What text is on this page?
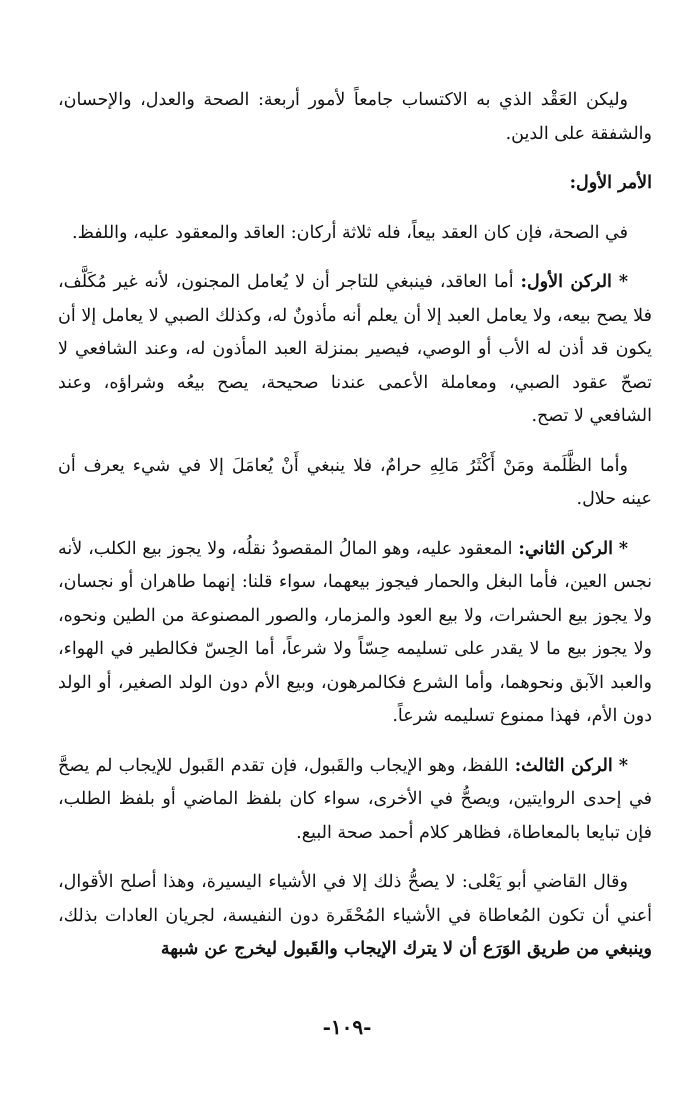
وليكن العَقْد الذي به الاكتساب جامعاً لأمور أربعة: الصحة والعدل، والإحسان، والشفقة على الدين.

الأمر الأول:

في الصحة، فإن كان العقد بيعاً، فله ثلاثة أركان: العاقد والمعقود عليه، واللفظ.

* الركن الأول: أما العاقد، فينبغي للتاجر أن لا يُعامل المجنون، لأنه غير مُكَلَّف، فلا يصح بيعه، ولا يعامل العبد إلا أن يعلم أنه مأذونٌ له، وكذلك الصبي لا يعامل إلا أن يكون قد أذن له الأب أو الوصي، فيصير بمنزلة العبد المأذون له، وعند الشافعي لا تصحّ عقود الصبي، ومعاملة الأعمى عندنا صحيحة، يصح بيعُه وشراؤه، وعند الشافعي لا تصح.

وأما الظَّلَمة ومَنْ أَكْثَرُ مَالِهِ حرامٌ، فلا ينبغي أَنْ يُعامَلَ إلا في شيء يعرف أن عينه حلال.

* الركن الثاني: المعقود عليه، وهو المالُ المقصودُ نقلُه، ولا يجوز بيع الكلب، لأنه نجس العين، فأما البغل والحمار فيجوز بيعهما، سواء قلنا: إنهما طاهران أو نجسان، ولا يجوز بيع الحشرات، ولا بيع العود والمزمار، والصور المصنوعة من الطين ونحوه، ولا يجوز بيع ما لا يقدر على تسليمه حِسّاً ولا شرعاً، أما الحِسّ فكالطير في الهواء، والعبد الآبق ونحوهما، وأما الشرع فكالمرهون، وبيع الأم دون الولد الصغير، أو الولد دون الأم، فهذا ممنوع تسليمه شرعاً.

* الركن الثالث: اللفظ، وهو الإيجاب والقَبول، فإن تقدم القَبول للإيجاب لم يصحَّ في إحدى الروايتين، ويصحُّ في الأخرى، سواء كان بلفظ الماضي أو بلفظ الطلب، فإن تبايعا بالمعاطاة، فظاهر كلام أحمد صحة البيع.

وقال القاضي أبو يَعْلى: لا يصحُّ ذلك إلا في الأشياء اليسيرة، وهذا أصلح الأقوال، أعني أن تكون المُعاطاة في الأشياء المُحْقَرة دون النفيسة، لجريان العادات بذلك، وينبغي من طريق الوَرَع أن لا يترك الإيجاب والقَبول ليخرج عن شبهة

-١٠٩-
